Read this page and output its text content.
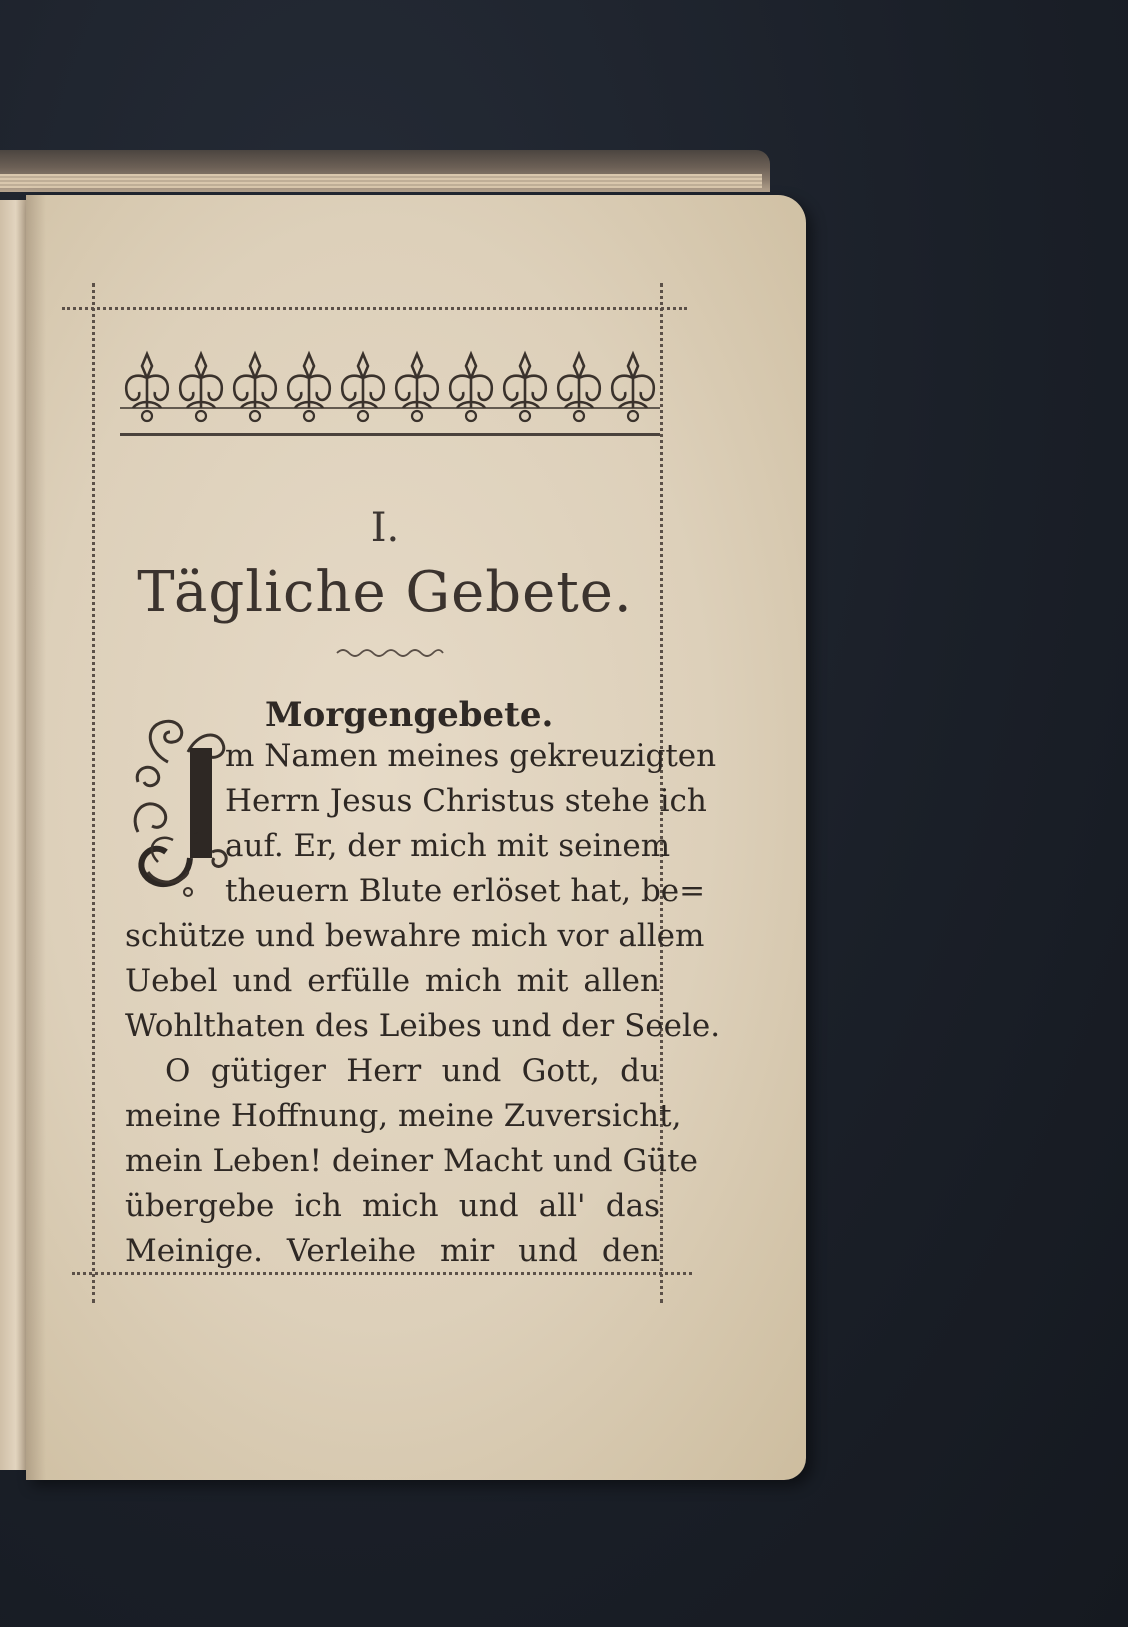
I.
Tägliche Gebete.
Morgengebete.
J
m Namen meines gekreuzigten
Herrn Jesus Christus stehe ich
auf. Er, der mich mit seinem
theuern Blute erlöset hat, be=
schütze und bewahre mich vor allem
Uebel und erfülle mich mit allen
Wohlthaten des Leibes und der Seele.
O gütiger Herr und Gott, du
meine Hoffnung, meine Zuversicht,
mein Leben! deiner Macht und Güte
übergebe ich mich und all' das
Meinige. Verleihe mir und den
